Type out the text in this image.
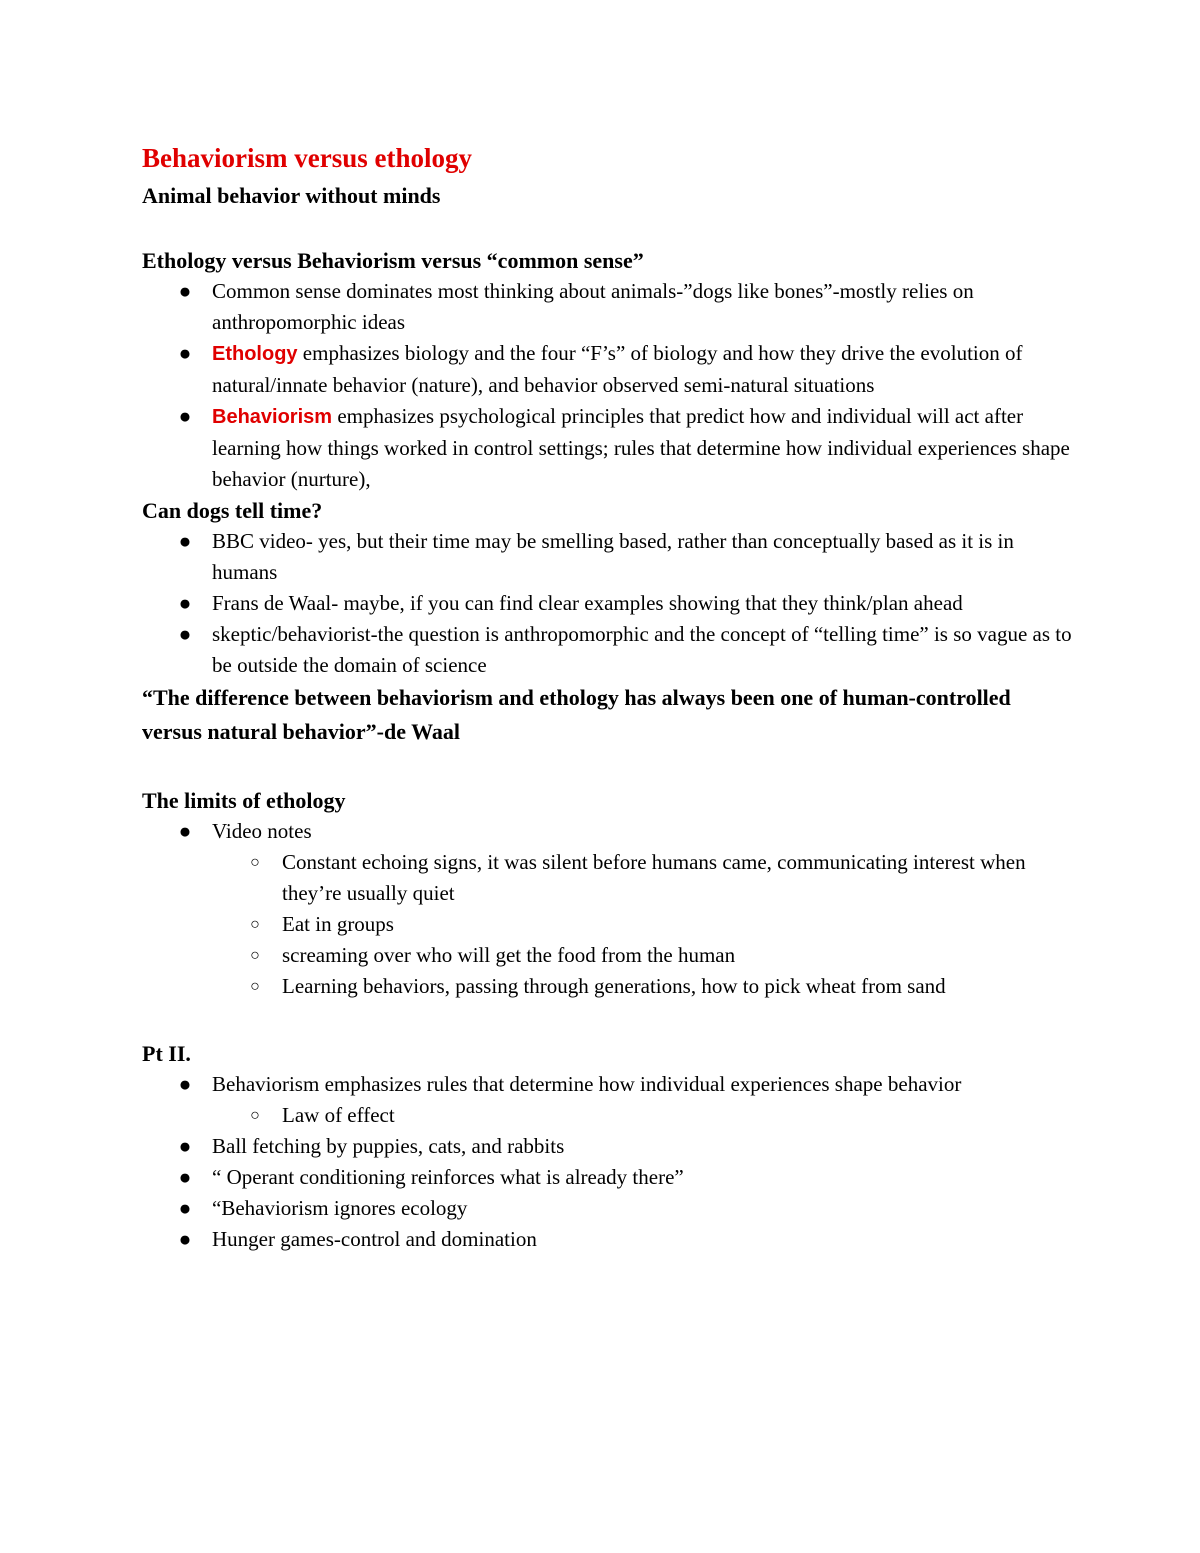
Behaviorism versus ethology
Animal behavior without minds
Ethology versus Behaviorism versus “common sense”
● Common sense dominates most thinking about animals-”dogs like bones”-mostly relies on anthropomorphic ideas
● Ethology emphasizes biology and the four “F’s” of biology and how they drive the evolution of natural/innate behavior (nature), and behavior observed semi-natural situations
● Behaviorism emphasizes psychological principles that predict how and individual will act after learning how things worked in control settings; rules that determine how individual experiences shape behavior (nurture),
Can dogs tell time?
● BBC video- yes, but their time may be smelling based, rather than conceptually based as it is in humans
● Frans de Waal- maybe, if you can find clear examples showing that they think/plan ahead
● skeptic/behaviorist-the question is anthropomorphic and the concept of “telling time” is so vague as to be outside the domain of science
“The difference between behaviorism and ethology has always been one of human-controlled versus natural behavior”-de Waal
The limits of ethology
● Video notes
○ Constant echoing signs, it was silent before humans came, communicating interest when they’re usually quiet
○ Eat in groups
○ screaming over who will get the food from the human
○ Learning behaviors, passing through generations, how to pick wheat from sand
Pt II.
● Behaviorism emphasizes rules that determine how individual experiences shape behavior
○ Law of effect
● Ball fetching by puppies, cats, and rabbits
● “ Operant conditioning reinforces what is already there”
● “Behaviorism ignores ecology
● Hunger games-control and domination
